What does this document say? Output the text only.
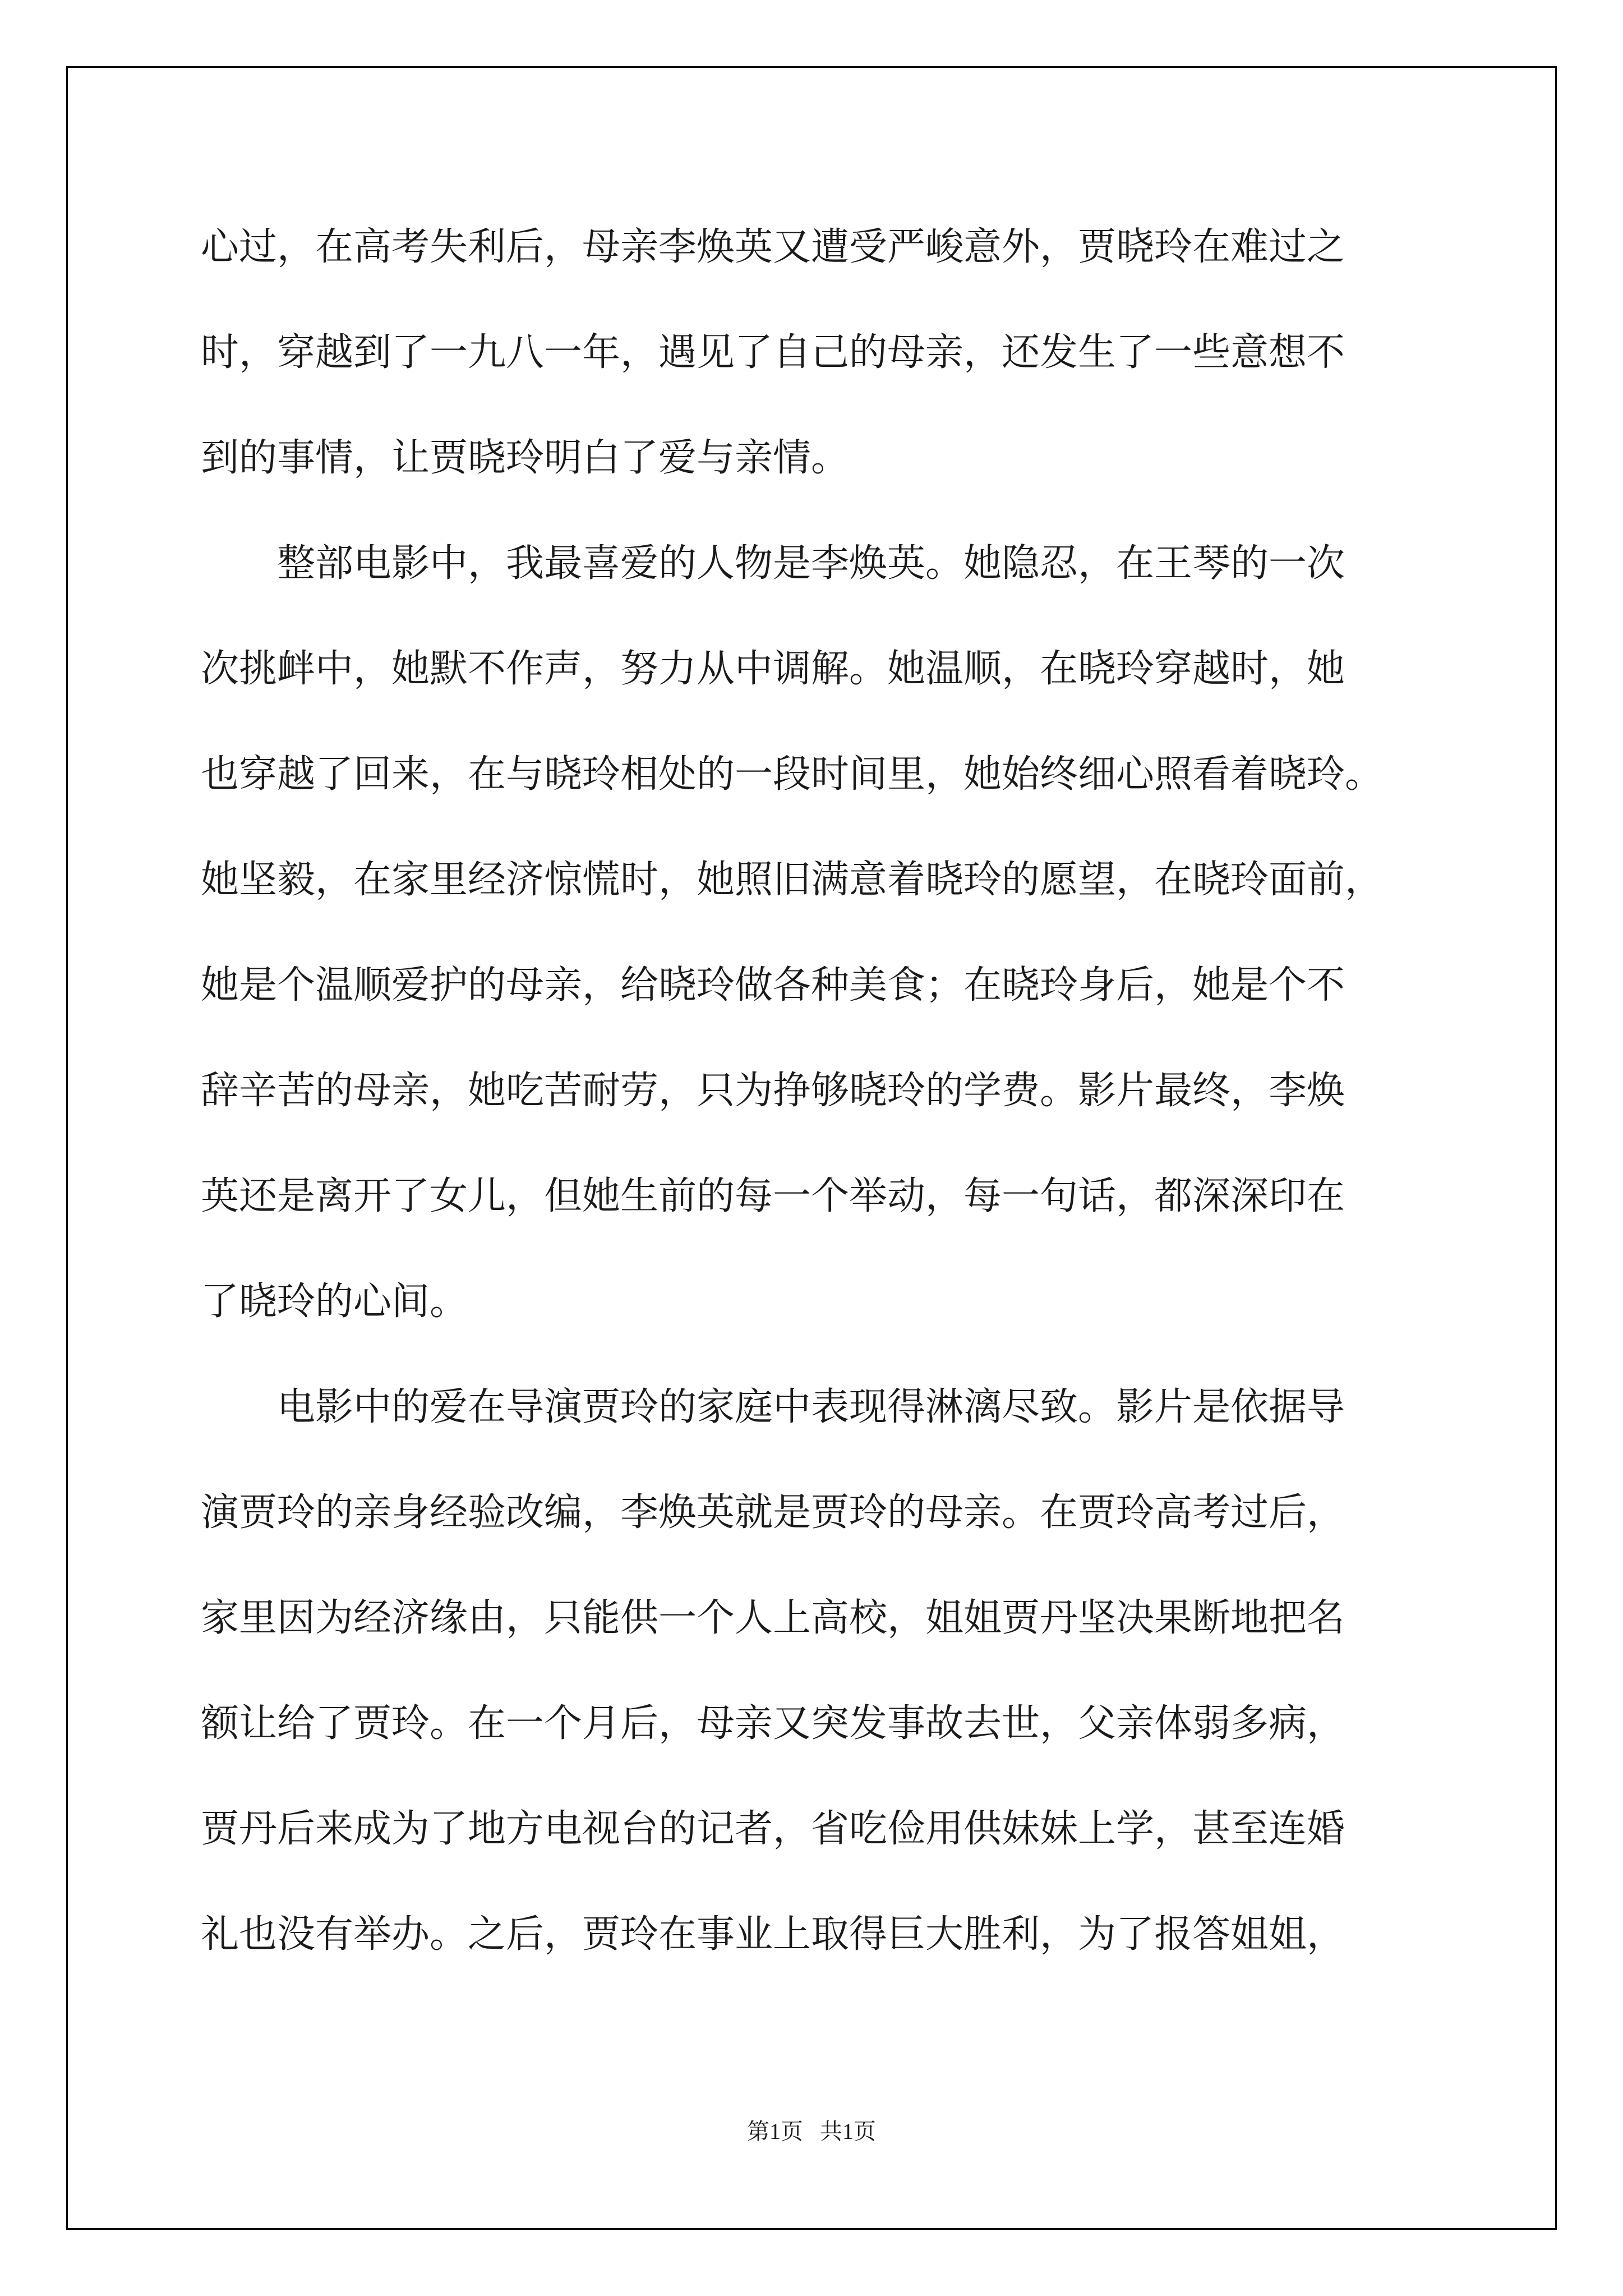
心过，在高考失利后，母亲李焕英又遭受严峻意外，贾晓玲在难过之
时，穿越到了一九八一年，遇见了自己的母亲，还发生了一些意想不
到的事情，让贾晓玲明白了爱与亲情。
　　整部电影中，我最喜爱的人物是李焕英。她隐忍，在王琴的一次
次挑衅中，她默不作声，努力从中调解。她温顺，在晓玲穿越时，她
也穿越了回来，在与晓玲相处的一段时间里，她始终细心照看着晓玲。
她坚毅，在家里经济惊慌时，她照旧满意着晓玲的愿望，在晓玲面前，
她是个温顺爱护的母亲，给晓玲做各种美食；在晓玲身后，她是个不
辞辛苦的母亲，她吃苦耐劳，只为挣够晓玲的学费。影片最终，李焕
英还是离开了女儿，但她生前的每一个举动，每一句话，都深深印在
了晓玲的心间。
　　电影中的爱在导演贾玲的家庭中表现得淋漓尽致。影片是依据导
演贾玲的亲身经验改编，李焕英就是贾玲的母亲。在贾玲高考过后，
家里因为经济缘由，只能供一个人上高校，姐姐贾丹坚决果断地把名
额让给了贾玲。在一个月后，母亲又突发事故去世，父亲体弱多病，
贾丹后来成为了地方电视台的记者，省吃俭用供妹妹上学，甚至连婚
礼也没有举办。之后，贾玲在事业上取得巨大胜利，为了报答姐姐，
第1页   共1页
